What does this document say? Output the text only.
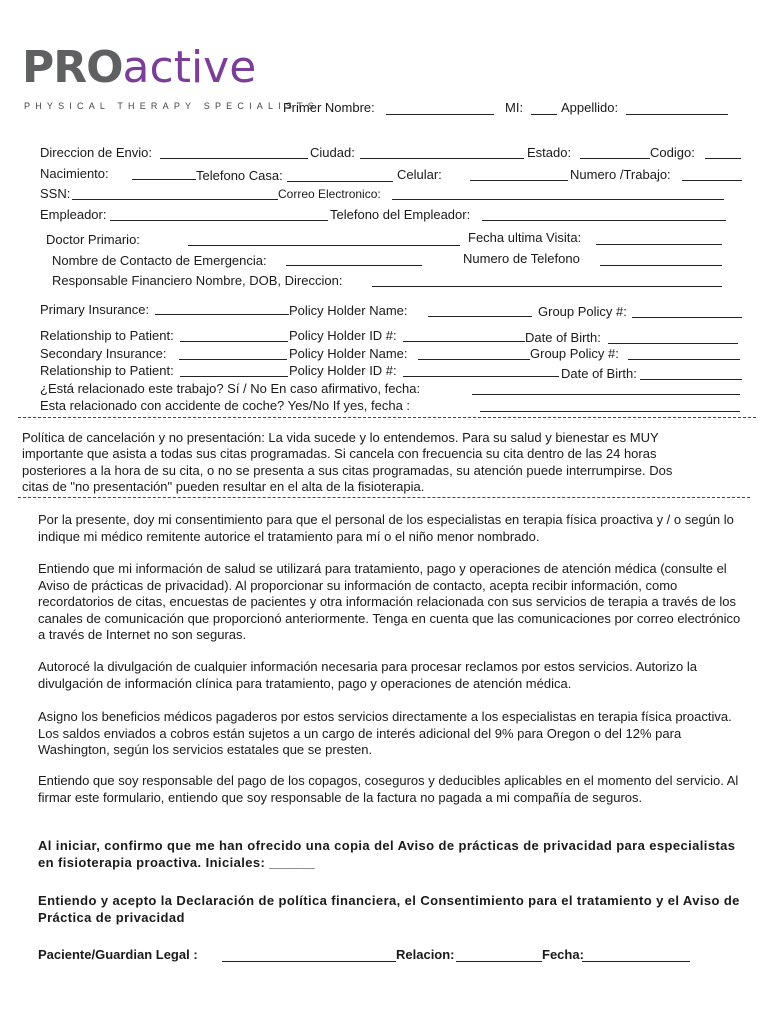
PROactive
PHYSICAL THERAPY SPECIALISTS
Primer Nombre:	MI:	Appellido:
Direccion de Envio:	Ciudad:	Estado:	Codigo:
Nacimiento:	Telefono Casa:	Celular:	Numero /Trabajo:
SSN:	Correo Electronico:
Empleador:	Telefono del Empleador:
Doctor Primario:	Fecha ultima Visita:
Nombre de Contacto de Emergencia:	Numero de Telefono
Responsable Financiero Nombre, DOB, Direccion:
Primary Insurance:	Policy Holder Name:	Group Policy #:
Relationship to Patient:	Policy Holder ID #:	Date of Birth:
Secondary Insurance:	Policy Holder Name:	Group Policy #:
Relationship to Patient:	Policy Holder ID #:	Date of Birth:
¿Está relacionado este trabajo? Sí / No En caso afirmativo, fecha:
Esta relacionado con accidente de coche? Yes/No If yes, fecha :
Política de cancelación y no presentación: La vida sucede y lo entendemos. Para su salud y bienestar es MUY importante que asista a todas sus citas programadas. Si cancela con frecuencia su cita dentro de las 24 horas posteriores a la hora de su cita, o no se presenta a sus citas programadas, su atención puede interrumpirse. Dos citas de "no presentación" pueden resultar en el alta de la fisioterapia.
Por la presente, doy mi consentimiento para que el personal de los especialistas en terapia física proactiva y / o según lo indique mi médico remitente autorice el tratamiento para mí o el niño menor nombrado.
Entiendo que mi información de salud se utilizará para tratamiento, pago y operaciones de atención médica (consulte el Aviso de prácticas de privacidad). Al proporcionar su información de contacto, acepta recibir información, como recordatorios de citas, encuestas de pacientes y otra información relacionada con sus servicios de terapia a través de los canales de comunicación que proporcionó anteriormente. Tenga en cuenta que las comunicaciones por correo electrónico a través de Internet no son seguras.
Autorocé la divulgación de cualquier información necesaria para procesar reclamos por estos servicios. Autorizo la divulgación de información clínica para tratamiento, pago y operaciones de atención médica.
Asigno los beneficios médicos pagaderos por estos servicios directamente a los especialistas en terapia física proactiva. Los saldos enviados a cobros están sujetos a un cargo de interés adicional del 9% para Oregon o del 12% para Washington, según los servicios estatales que se presten.
Entiendo que soy responsable del pago de los copagos, coseguros y deducibles aplicables en el momento del servicio. Al firmar este formulario, entiendo que soy responsable de la factura no pagada a mi compañía de seguros.
Al iniciar, confirmo que me han ofrecido una copia del Aviso de prácticas de privacidad para especialistas en fisioterapia proactiva. Iniciales: ______
Entiendo y acepto la Declaración de política financiera, el Consentimiento para el tratamiento y el Aviso de Práctica de privacidad
Paciente/Guardian Legal :	Relacion:	Fecha:
